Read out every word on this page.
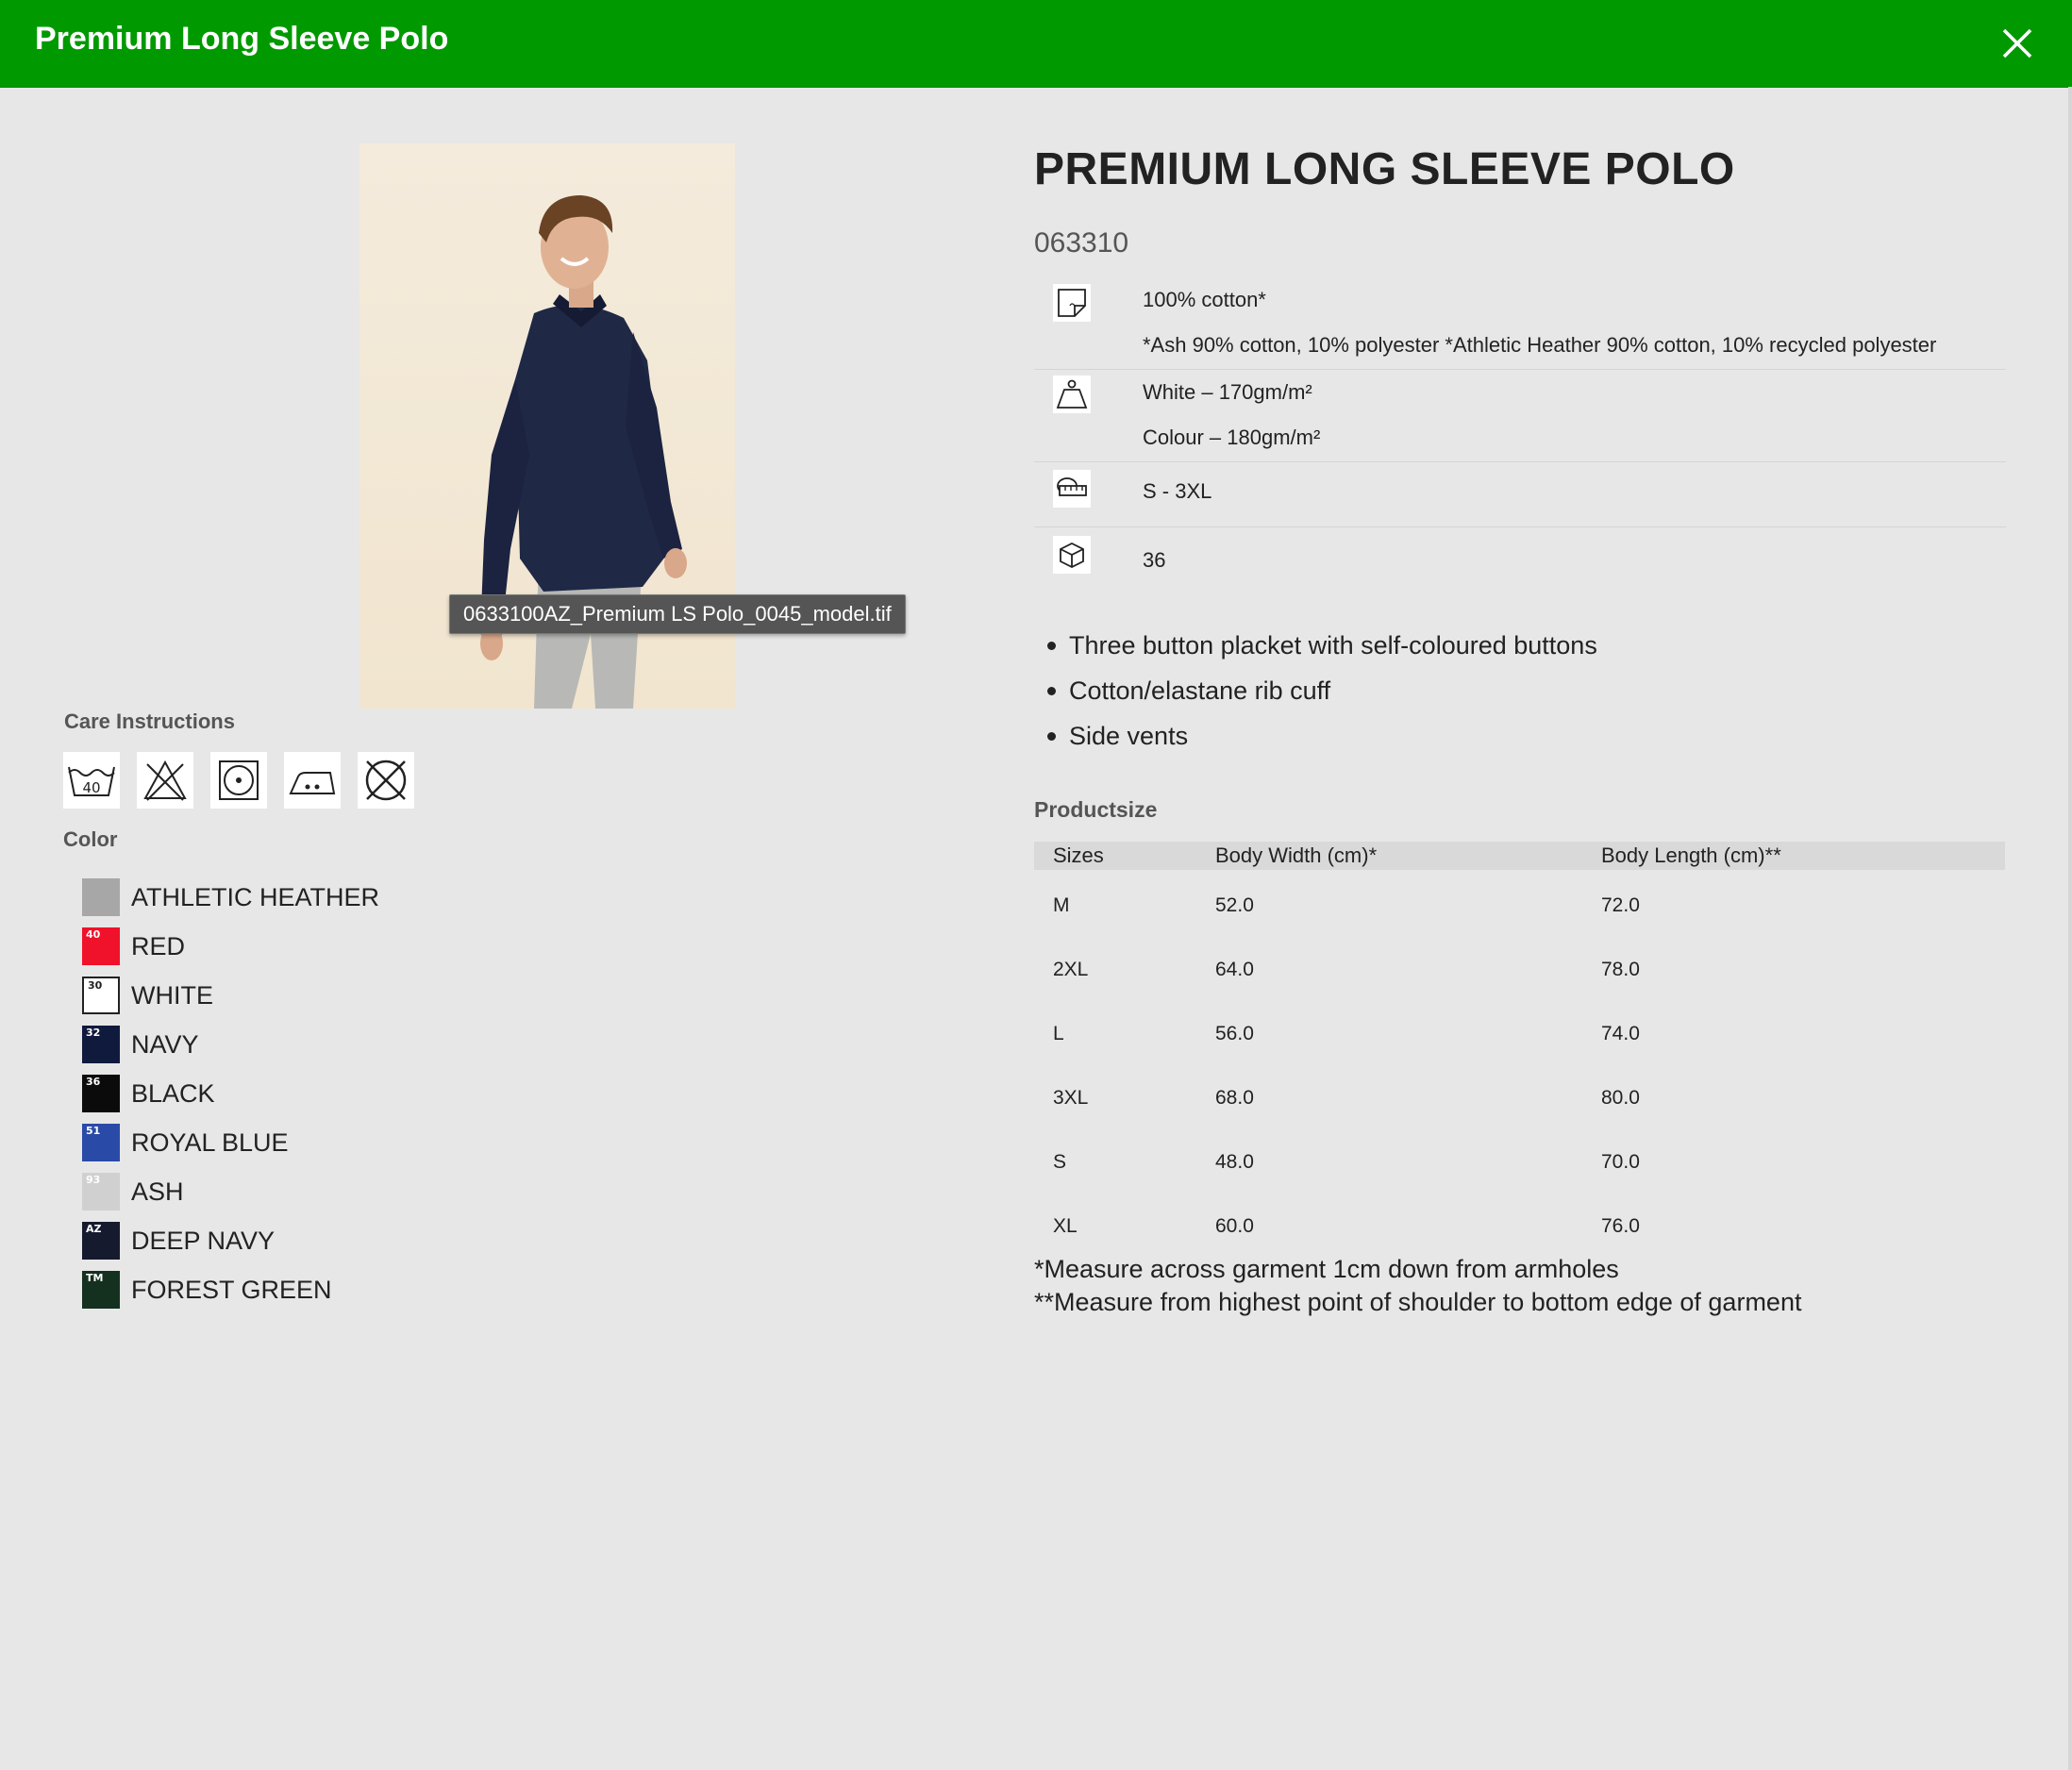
Premium Long Sleeve Polo
0633100AZ_Premium LS Polo_0045_model.tif
Care Instructions
40
Color
ATHLETIC HEATHER
40 RED
30 WHITE
32 NAVY
36 BLACK
51 ROYAL BLUE
93 ASH
AZ DEEP NAVY
TM FOREST GREEN
PREMIUM LONG SLEEVE POLO
063310
100% cotton*
*Ash 90% cotton, 10% polyester *Athletic Heather 90% cotton, 10% recycled polyester
White – 170gm/m²
Colour – 180gm/m²
S - 3XL
36
Three button placket with self-coloured buttons
Cotton/elastane rib cuff
Side vents
Productsize
Sizes	Body Width (cm)*	Body Length (cm)**
M	52.0	72.0
2XL	64.0	78.0
L	56.0	74.0
3XL	68.0	80.0
S	48.0	70.0
XL	60.0	76.0
*Measure across garment 1cm down from armholes
**Measure from highest point of shoulder to bottom edge of garment
